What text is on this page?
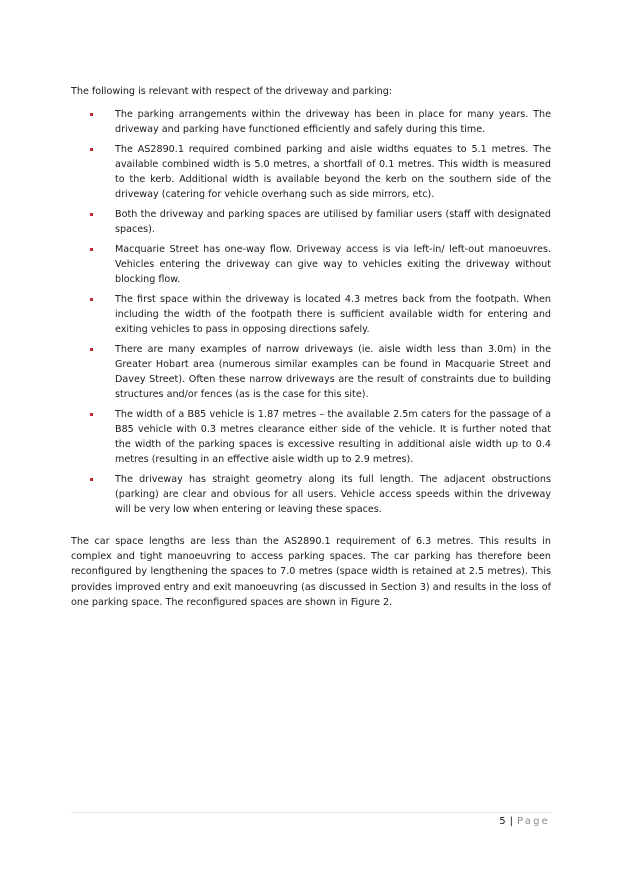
The following is relevant with respect of the driveway and parking:

The parking arrangements within the driveway has been in place for many years. The driveway and parking have functioned efficiently and safely during this time.
The AS2890.1 required combined parking and aisle widths equates to 5.1 metres. The available combined width is 5.0 metres, a shortfall of 0.1 metres. This width is measured to the kerb. Additional width is available beyond the kerb on the southern side of the driveway (catering for vehicle overhang such as side mirrors, etc).
Both the driveway and parking spaces are utilised by familiar users (staff with designated spaces).
Macquarie Street has one-way flow. Driveway access is via left-in/ left-out manoeuvres. Vehicles entering the driveway can give way to vehicles exiting the driveway without blocking flow.
The first space within the driveway is located 4.3 metres back from the footpath. When including the width of the footpath there is sufficient available width for entering and exiting vehicles to pass in opposing directions safely.
There are many examples of narrow driveways (ie. aisle width less than 3.0m) in the Greater Hobart area (numerous similar examples can be found in Macquarie Street and Davey Street). Often these narrow driveways are the result of constraints due to building structures and/or fences (as is the case for this site).
The width of a B85 vehicle is 1.87 metres – the available 2.5m caters for the passage of a B85 vehicle with 0.3 metres clearance either side of the vehicle. It is further noted that the width of the parking spaces is excessive resulting in additional aisle width up to 0.4 metres (resulting in an effective aisle width up to 2.9 metres).
The driveway has straight geometry along its full length. The adjacent obstructions (parking) are clear and obvious for all users. Vehicle access speeds within the driveway will be very low when entering or leaving these spaces.

The car space lengths are less than the AS2890.1 requirement of 6.3 metres. This results in complex and tight manoeuvring to access parking spaces. The car parking has therefore been reconfigured by lengthening the spaces to 7.0 metres (space width is retained at 2.5 metres). This provides improved entry and exit manoeuvring (as discussed in Section 3) and results in the loss of one parking space. The reconfigured spaces are shown in Figure 2.

5 | Page
